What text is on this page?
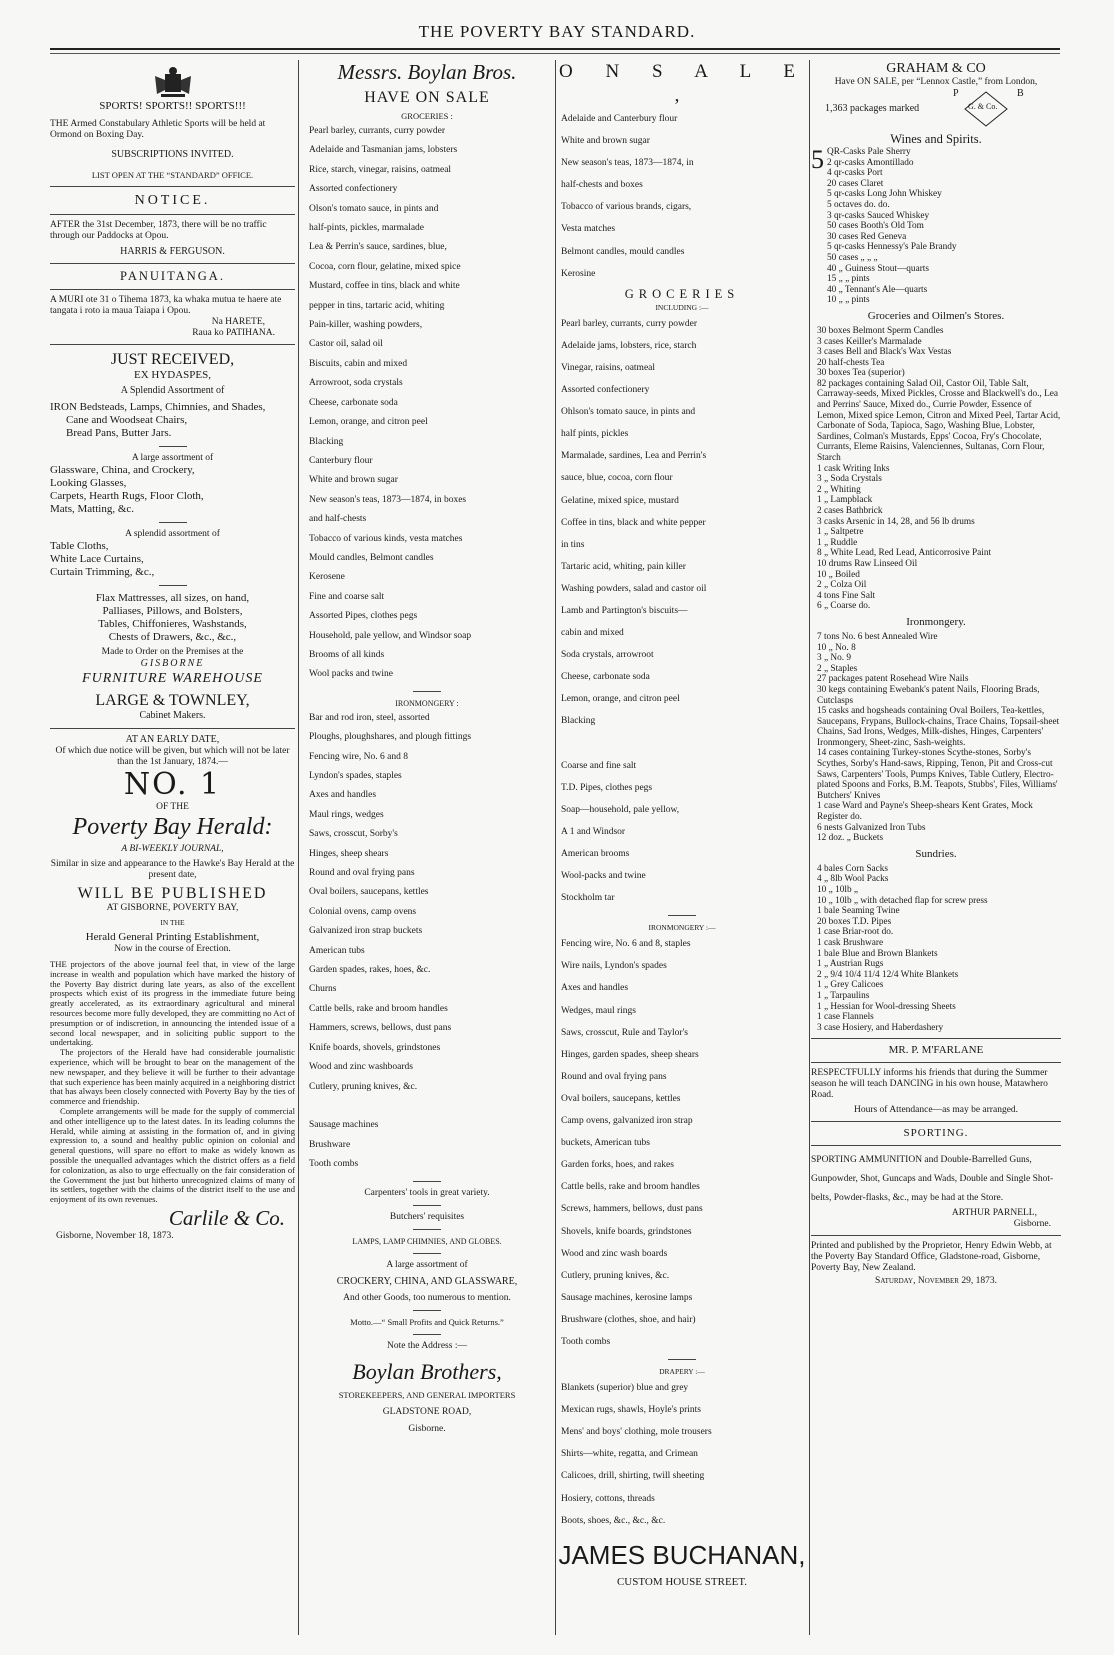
THE POVERTY BAY STANDARD.
SPORTS! SPORTS!! SPORTS!!!

THE Armed Constabulary Athletic Sports will be held at Ormond on Boxing Day.

SUBSCRIPTIONS INVITED.
LIST OPEN AT THE “STANDARD” OFFICE.
NOTICE.

AFTER the 31st December, 1873, there will be no traffic through our Paddocks at Opou.

HARRIS & FERGUSON.
PANUITANGA.

A MURI ote 31 o Tihema 1873, ka whaka mutua te haere ate tangata i roto ia maua Taiapa i Opou.

Na HARETE,
Raua ko PATIHANA.
JUST RECEIVED,
EX HYDASPES,
A Splendid Assortment of
IRON Bedsteads, Lamps, Chimnies, and Shades,
Cane and Woodseat Chairs,
Bread Pans, Butter Jars.
A large assortment of
Glassware, China, and Crockery,
Looking Glasses,
Carpets, Hearth Rugs, Floor Cloth,
Mats, Matting, &c.
A splendid assortment of
Table Cloths,
White Lace Curtains,
Curtain Trimming, &c.,
Flax Mattresses, all sizes, on hand,
Palliases, Pillows, and Bolsters,
Tables, Chiffonieres, Washstands,
Chests of Drawers, &c., &c.,
Made to Order on the Premises at the
GISBORNE
FURNITURE WAREHOUSE
LARGE & TOWNLEY,
Cabinet Makers.
AT AN EARLY DATE,

Of which due notice will be given, but which will not be later than the 1st January, 1874.—

NO. 1
OF THE
Poverty Bay Herald:
A BI-WEEKLY JOURNAL,

Similar in size and appearance to the Hawke's Bay Herald at the present date,

WILL BE PUBLISHED
AT GISBORNE, POVERTY BAY,
IN THE
Herald General Printing Establishment,
Now in the course of Erection.

THE projectors of the above journal feel that, in view of the large increase in wealth and population which have marked the history of the Poverty Bay district during late years, as also of the excellent prospects which exist of its progress in the immediate future being greatly accelerated, as its extraordinary agricultural and mineral resources become more fully developed, they are committing no Act of presumption or of indiscretion, in announcing the intended issue of a second local newspaper, and in soliciting public support to the undertaking.

The projectors of the Herald have had considerable journalistic experience, which will be brought to bear on the management of the new newspaper, and they believe it will be further to their advantage that such experience has been mainly acquired in a neighboring district that has always been closely connected with Poverty Bay by the ties of commerce and friendship.

Complete arrangements will be made for the supply of commercial and other intelligence up to the latest dates. In its leading columns the Herald, while aiming at assisting in the formation of, and in giving expression to, a sound and healthy public opinion on colonial and general questions, will spare no effort to make as widely known as possible the unequalled advantages which the district offers as a field for colonization, as also to urge effectually on the fair consideration of the Government the just but hitherto unrecognized claims of many of its settlers, together with the claims of the district itself to the use and enjoyment of its own revenues.

Carlile & Co.
Gisborne, November 18, 1873.
Messrs. Boylan Bros.
HAVE ON SALE
GROCERIES :
Pearl barley, currants, curry powder
Adelaide and Tasmanian jams, lobsters
Rice, starch, vinegar, raisins, oatmeal
Assorted confectionery
Olson's tomato sauce, in pints and
half-pints, pickles, marmalade
Lea & Perrin's sauce, sardines, blue,
Cocoa, corn flour, gelatine, mixed spice
Mustard, coffee in tins, black and white
pepper in tins, tartaric acid, whiting
Pain-killer, washing powders,
Castor oil, salad oil
Biscuits, cabin and mixed
Arrowroot, soda crystals
Cheese, carbonate soda
Lemon, orange, and citron peel
Blacking
Canterbury flour
White and brown sugar
New season's teas, 1873—1874, in boxes
and half-chests
Tobacco of various kinds, vesta matches
Mould candles, Belmont candles
Kerosene
Fine and coarse salt
Assorted Pipes, clothes pegs
Household, pale yellow, and Windsor soap
Brooms of all kinds
Wool packs and twine
IRONMONGERY :
Bar and rod iron, steel, assorted
Ploughs, ploughshares, and plough fittings
Fencing wire, No. 6 and 8
Lyndon's spades, staples
Axes and handles
Maul rings, wedges
Saws, crosscut, Sorby's
Hinges, sheep shears
Round and oval frying pans
Oval boilers, saucepans, kettles
Colonial ovens, camp ovens
Galvanized iron strap buckets
American tubs
Garden spades, rakes, hoes, &c.
Churns
Cattle bells, rake and broom handles
Hammers, screws, bellows, dust pans
Knife boards, shovels, grindstones
Wood and zinc washboards
Cutlery, pruning knives, &c.

Sausage machines
Brushware
Tooth combs
Carpenters' tools in great variety.
Butchers' requisites
LAMPS, LAMP CHIMNIES, AND GLOBES.
A large assortment of
CROCKERY, CHINA, AND GLASSWARE,
And other Goods, too numerous to mention.
Motto.—“ Small Profits and Quick Returns.”
Note the Address :—
Boylan Brothers,
STOREKEEPERS, AND GENERAL IMPORTERS
GLADSTONE ROAD,
Gisborne.
O N S A L E ,
Adelaide and Canterbury flour
White and brown sugar
New season's teas, 1873—1874, in
half-chests and boxes
Tobacco of various brands, cigars,
Vesta matches
Belmont candles, mould candles
Kerosine
GROCERIES
INCLUDING :—
Pearl barley, currants, curry powder
Adelaide jams, lobsters, rice, starch
Vinegar, raisins, oatmeal
Assorted confectionery
Ohlson's tomato sauce, in pints and
half pints, pickles
Marmalade, sardines, Lea and Perrin's
sauce, blue, cocoa, corn flour
Gelatine, mixed spice, mustard
Coffee in tins, black and white pepper
in tins
Tartaric acid, whiting, pain killer
Washing powders, salad and castor oil
Lamb and Partington's biscuits—
cabin and mixed
Soda crystals, arrowroot
Cheese, carbonate soda
Lemon, orange, and citron peel
Blacking

Coarse and fine salt
T.D. Pipes, clothes pegs
Soap—household, pale yellow,
A 1 and Windsor
American brooms
Wool-packs and twine
Stockholm tar
IRONMONGERY :—
Fencing wire, No. 6 and 8, staples
Wire nails, Lyndon's spades
Axes and handles
Wedges, maul rings
Saws, crosscut, Rule and Taylor's
Hinges, garden spades, sheep shears
Round and oval frying pans
Oval boilers, saucepans, kettles
Camp ovens, galvanized iron strap
buckets, American tubs
Garden forks, hoes, and rakes
Cattle bells, rake and broom handles
Screws, hammers, bellows, dust pans
Shovels, knife boards, grindstones
Wood and zinc wash boards
Cutlery, pruning knives, &c.
Sausage machines, kerosine lamps
Brushware (clothes, shoe, and hair)
Tooth combs
DRAPERY :—
Blankets (superior) blue and grey
Mexican rugs, shawls, Hoyle's prints
Mens' and boys' clothing, mole trousers
Shirts—white, regatta, and Crimean
Calicoes, drill, shirting, twill sheeting
Hosiery, cottons, threads
Boots, shoes, &c., &c., &c.
JAMES BUCHANAN,
CUSTOM HOUSE STREET.
GRAHAM & CO
Have ON SALE, per “Lennox Castle,” from London,
1,363 packages marked	G. & Co.
P	B
Wines and Spirits.
5 QR-Casks Pale Sherry
2 qr-casks Amontillado
4 qr-casks Port
20 cases Claret
5 qr-casks Long John Whiskey
5 octaves do. do.
3 qr-casks Sauced Whiskey
50 cases Booth's Old Tom
30 cases Red Geneva
5 qr-casks Hennessy's Pale Brandy
50 cases „ „ „
40 „ Guiness Stout—quarts
15 „ „ pints
40 „ Tennant's Ale—quarts
10 „ „ pints
Groceries and Oilmen's Stores.
30 boxes Belmont Sperm Candles
3 cases Keiller's Marmalade
3 cases Bell and Black's Wax Vestas
20 half-chests Tea
30 boxes Tea (superior)
82 packages containing Salad Oil, Castor Oil, Table Salt, Carraway-seeds, Mixed Pickles, Crosse and Blackwell's do., Lea and Perrins' Sauce, Mixed do., Currie Powder, Essence of Lemon, Mixed spice Lemon, Citron and Mixed Peel, Tartar Acid, Carbonate of Soda, Tapioca, Sago, Washing Blue, Lobster, Sardines, Colman's Mustards, Epps' Cocoa, Fry's Chocolate, Currants, Eleme Raisins, Valenciennes, Sultanas, Corn Flour, Starch
1 cask Writing Inks
3 „ Soda Crystals
2 „ Whiting
1 „ Lampblack
2 cases Bathbrick
3 casks Arsenic in 14, 28, and 56 lb drums
1 „ Saltpetre
1 „ Ruddle
8 „ White Lead, Red Lead, Anticorrosive Paint
10 drums Raw Linseed Oil
10 „ Boiled
2 „ Colza Oil
4 tons Fine Salt
6 „ Coarse do.
Ironmongery.
7 tons No. 6 best Annealed Wire
10 „ No. 8
3 „ No. 9
2 „ Staples
27 packages patent Rosehead Wire Nails
30 kegs containing Ewebank's patent Nails, Flooring Brads, Cutclasps
15 casks and hogsheads containing Oval Boilers, Tea-kettles, Saucepans, Frypans, Bullock-chains, Trace Chains, Topsail-sheet Chains, Sad Irons, Wedges, Milk-dishes, Hinges, Carpenters' Ironmongery, Sheet-zinc, Sash-weights.
14 cases containing Turkey-stones Scythe-stones, Sorby's Scythes, Sorby's Hand-saws, Ripping, Tenon, Pit and Cross-cut Saws, Carpenters' Tools, Pumps Knives, Table Cutlery, Electro-plated Spoons and Forks, B.M. Teapots, Stubbs', Files, Williams' Butchers' Knives
1 case Ward and Payne's Sheep-shears Kent Grates, Mock Register do.
6 nests Galvanized Iron Tubs
12 doz. „ Buckets
Sundries.
4 bales Corn Sacks
4 „ 8lb Wool Packs
10 „ 10lb „
10 „ 10lb „ with detached flap for screw press
1 bale Seaming Twine
20 boxes T.D. Pipes
1 case Briar-root do.
1 cask Brushware
1 bale Blue and Brown Blankets
1 „ Austrian Rugs
2 „ 9/4 10/4 11/4 12/4 White Blankets
1 „ Grey Calicoes
1 „ Tarpaulins
1 „ Hessian for Wool-dressing Sheets
1 case Flannels
3 case Hosiery, and Haberdashery
MR. P. M'FARLANE

RESPECTFULLY informs his friends that during the Summer season he will teach DANCING in his own house, Matawhero Road.

Hours of Attendance—as may be arranged.
SPORTING.

SPORTING AMMUNITION and Double-Barrelled Guns, Gunpowder, Shot, Guncaps and Wads, Double and Single Shot-belts, Powder-flasks, &c., may be had at the Store.

ARTHUR PARNELL,
Gisborne.

Printed and published by the Proprietor, Henry Edwin Webb, at the Poverty Bay Standard Office, Gladstone-road, Gisborne, Poverty Bay, New Zealand.

Saturday, November 29, 1873.
